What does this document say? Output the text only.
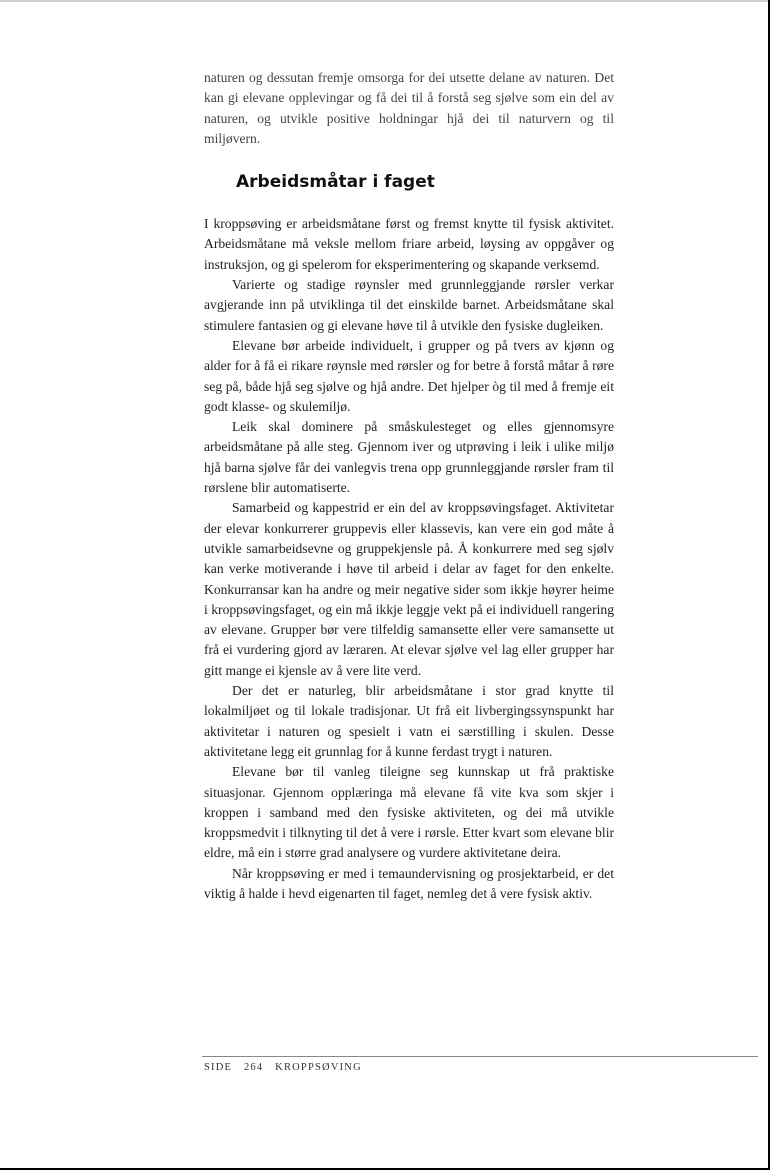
naturen og dessutan fremje omsorga for dei utsette delane av naturen. Det kan gi elevane opplevingar og få dei til å forstå seg sjølve som ein del av naturen, og utvikle positive holdningar hjå dei til naturvern og til miljøvern.

Arbeidsmåtar i faget

I kroppsøving er arbeidsmåtane først og fremst knytte til fysisk aktivitet. Arbeidsmåtane må veksle mellom friare arbeid, løysing av oppgåver og instruksjon, og gi spelerom for eksperimentering og skapande verksemd.

Varierte og stadige røynsler med grunnleggjande rørsler verkar avgjerande inn på utviklinga til det einskilde barnet. Arbeidsmåtane skal stimulere fantasien og gi elevane høve til å utvikle den fysiske dugleiken.

Elevane bør arbeide individuelt, i grupper og på tvers av kjønn og alder for å få ei rikare røynsle med rørsler og for betre å forstå måtar å røre seg på, både hjå seg sjølve og hjå andre. Det hjelper òg til med å fremje eit godt klasse- og skulemiljø.

Leik skal dominere på småskulesteget og elles gjennomsyre arbeidsmåtane på alle steg. Gjennom iver og utprøving i leik i ulike miljø hjå barna sjølve får dei vanlegvis trena opp grunnleggjande rørsler fram til rørslene blir automatiserte.

Samarbeid og kappestrid er ein del av kroppsøvingsfaget. Aktivitetar der elevar konkurrerer gruppevis eller klassevis, kan vere ein god måte å utvikle samarbeidsevne og gruppekjensle på. Å konkurrere med seg sjølv kan verke motiverande i høve til arbeid i delar av faget for den enkelte. Konkurransar kan ha andre og meir negative sider som ikkje høyrer heime i kroppsøvingsfaget, og ein må ikkje leggje vekt på ei individuell rangering av elevane. Grupper bør vere tilfeldig samansette eller vere samansette ut frå ei vurdering gjord av læraren. At elevar sjølve vel lag eller grupper har gitt mange ei kjensle av å vere lite verd.

Der det er naturleg, blir arbeidsmåtane i stor grad knytte til lokalmiljøet og til lokale tradisjonar. Ut frå eit livbergingssynspunkt har aktivitetar i naturen og spesielt i vatn ei særstilling i skulen. Desse aktivitetane legg eit grunnlag for å kunne ferdast trygt i naturen.

Elevane bør til vanleg tileigne seg kunnskap ut frå praktiske situasjonar. Gjennom opplæringa må elevane få vite kva som skjer i kroppen i samband med den fysiske aktiviteten, og dei må utvikle kroppsmedvit i tilknyting til det å vere i rørsle. Etter kvart som elevane blir eldre, må ein i større grad analysere og vurdere aktivitetane deira.

Når kroppsøving er med i temaundervisning og prosjektarbeid, er det viktig å halde i hevd eigenarten til faget, nemleg det å vere fysisk aktiv.

SIDE 264 KROPPSØVING
